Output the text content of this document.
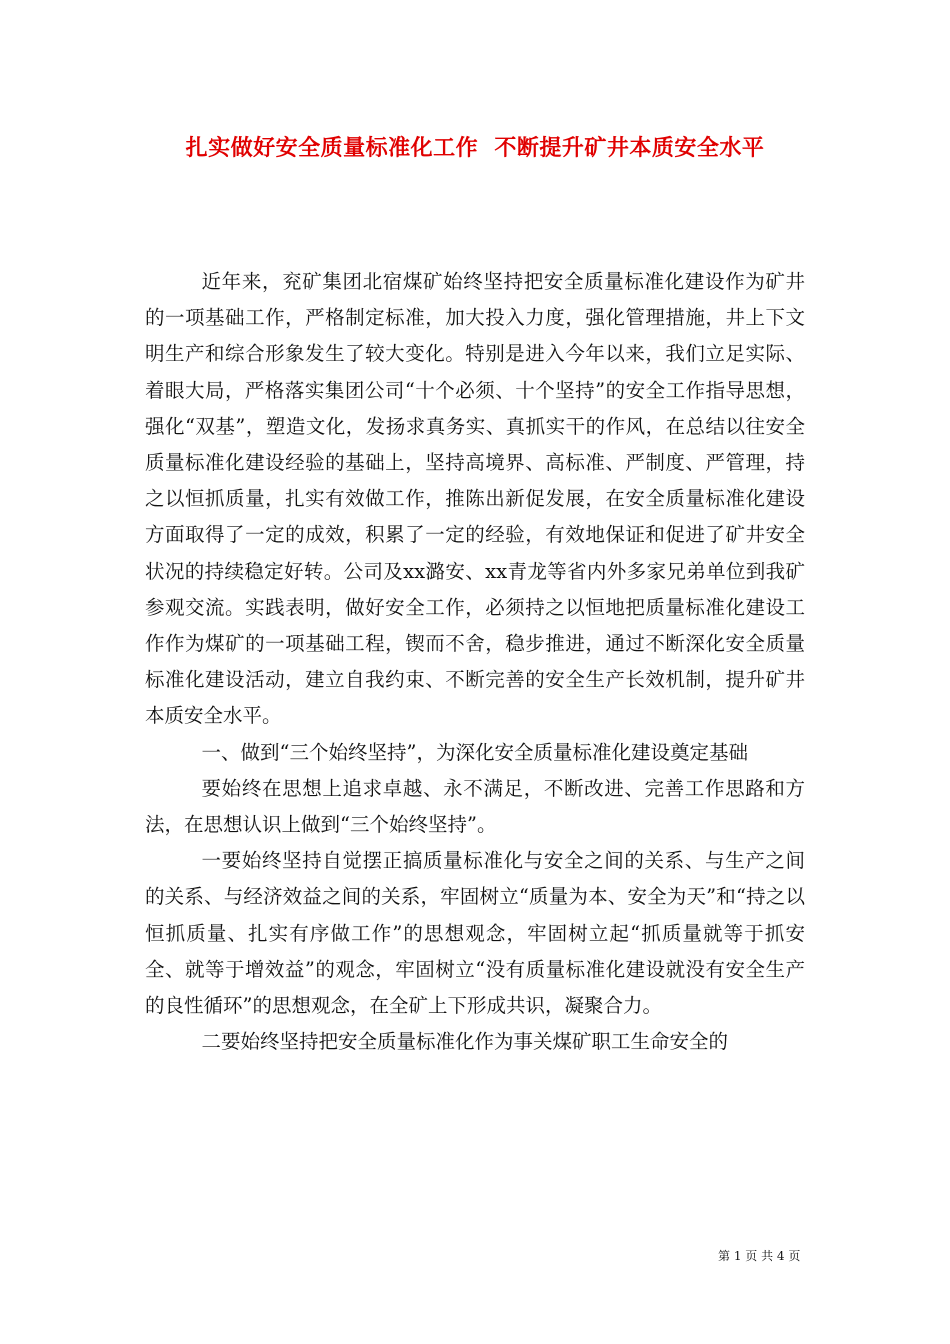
扎实做好安全质量标准化工作  不断提升矿井本质安全水平

近年来，兖矿集团北宿煤矿始终坚持把安全质量标准化建设作为矿井的一项基础工作，严格制定标准，加大投入力度，强化管理措施，井上下文明生产和综合形象发生了较大变化。特别是进入今年以来，我们立足实际、着眼大局，严格落实集团公司“十个必须、十个坚持”的安全工作指导思想，强化“双基”，塑造文化，发扬求真务实、真抓实干的作风，在总结以往安全质量标准化建设经验的基础上，坚持高境界、高标准、严制度、严管理，持之以恒抓质量，扎实有效做工作，推陈出新促发展，在安全质量标准化建设方面取得了一定的成效，积累了一定的经验，有效地保证和促进了矿井安全状况的持续稳定好转。公司及xx潞安、xx青龙等省内外多家兄弟单位到我矿参观交流。实践表明，做好安全工作，必须持之以恒地把质量标准化建设工作作为煤矿的一项基础工程，锲而不舍，稳步推进，通过不断深化安全质量标准化建设活动，建立自我约束、不断完善的安全生产长效机制，提升矿井本质安全水平。

一、做到“三个始终坚持”，为深化安全质量标准化建设奠定基础

要始终在思想上追求卓越、永不满足，不断改进、完善工作思路和方法，在思想认识上做到“三个始终坚持”。

一要始终坚持自觉摆正搞质量标准化与安全之间的关系、与生产之间的关系、与经济效益之间的关系，牢固树立“质量为本、安全为天”和“持之以恒抓质量、扎实有序做工作”的思想观念，牢固树立起“抓质量就等于抓安全、就等于增效益”的观念，牢固树立“没有质量标准化建设就没有安全生产的良性循环”的思想观念，在全矿上下形成共识，凝聚合力。

二要始终坚持把安全质量标准化作为事关煤矿职工生命安全的

第 1 页 共 4 页
